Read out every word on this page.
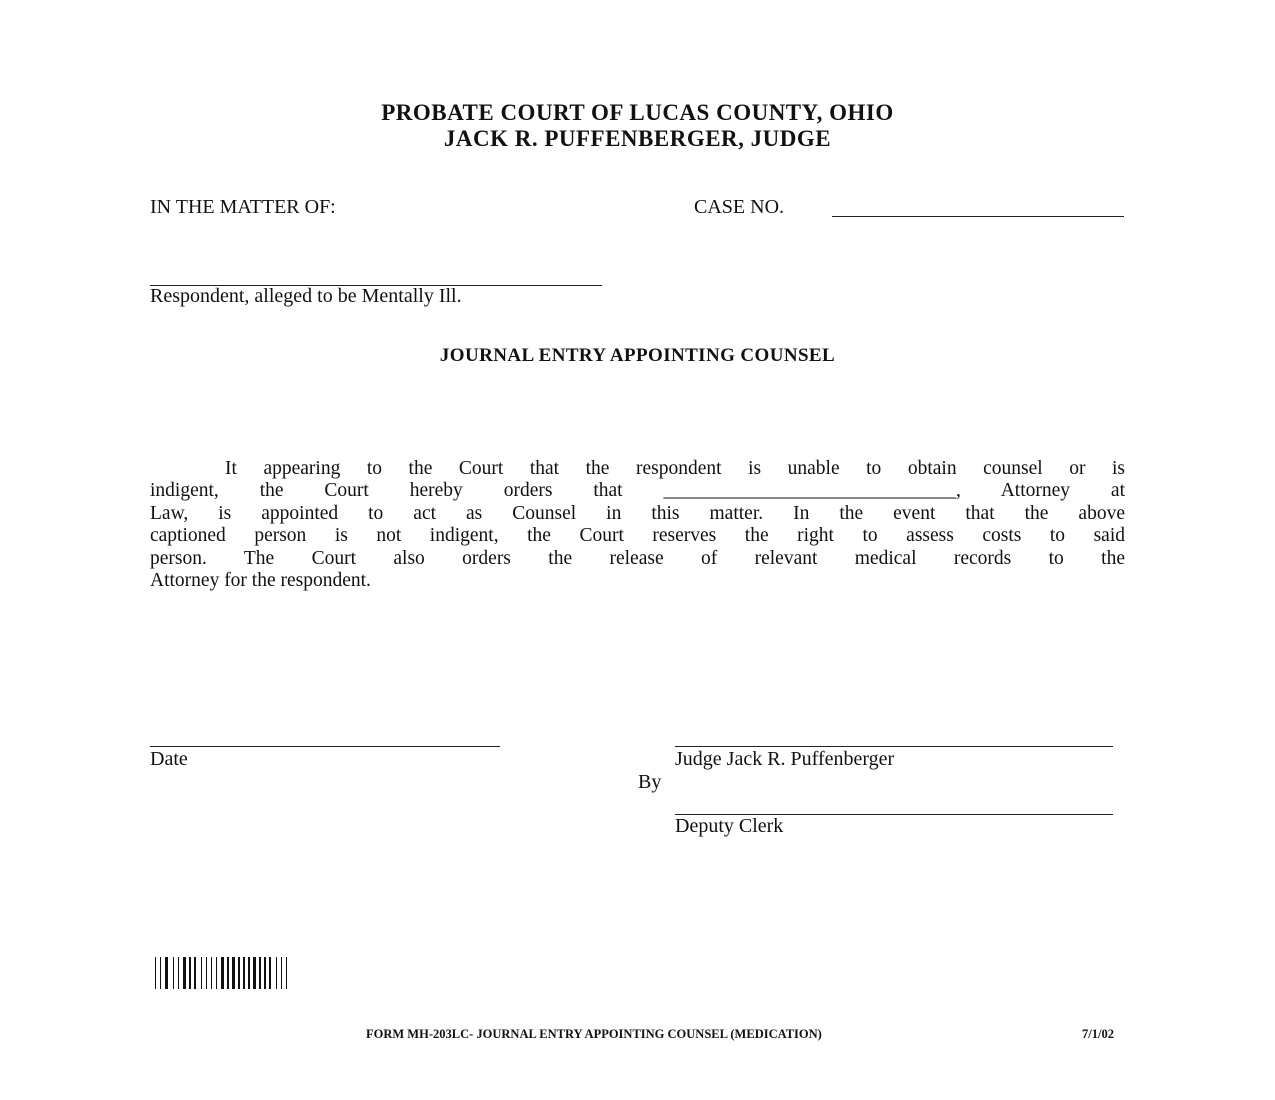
PROBATE COURT OF LUCAS COUNTY, OHIO
JACK R. PUFFENBERGER, JUDGE
IN THE MATTER OF:	CASE NO.
Respondent, alleged to be Mentally Ill.
JOURNAL ENTRY APPOINTING COUNSEL
It appearing to the Court that the respondent is unable to obtain counsel or is
indigent, the Court hereby orders that ______________________________, Attorney at
Law, is appointed to act as Counsel in this matter. In the event that the above
captioned person is not indigent, the Court reserves the right to assess costs to said
person. The Court also orders the release of relevant medical records to the
Attorney for the respondent.
Date	Judge Jack R. Puffenberger
By
Deputy Clerk
FORM MH-203LC- JOURNAL ENTRY APPOINTING COUNSEL (MEDICATION)	7/1/02
